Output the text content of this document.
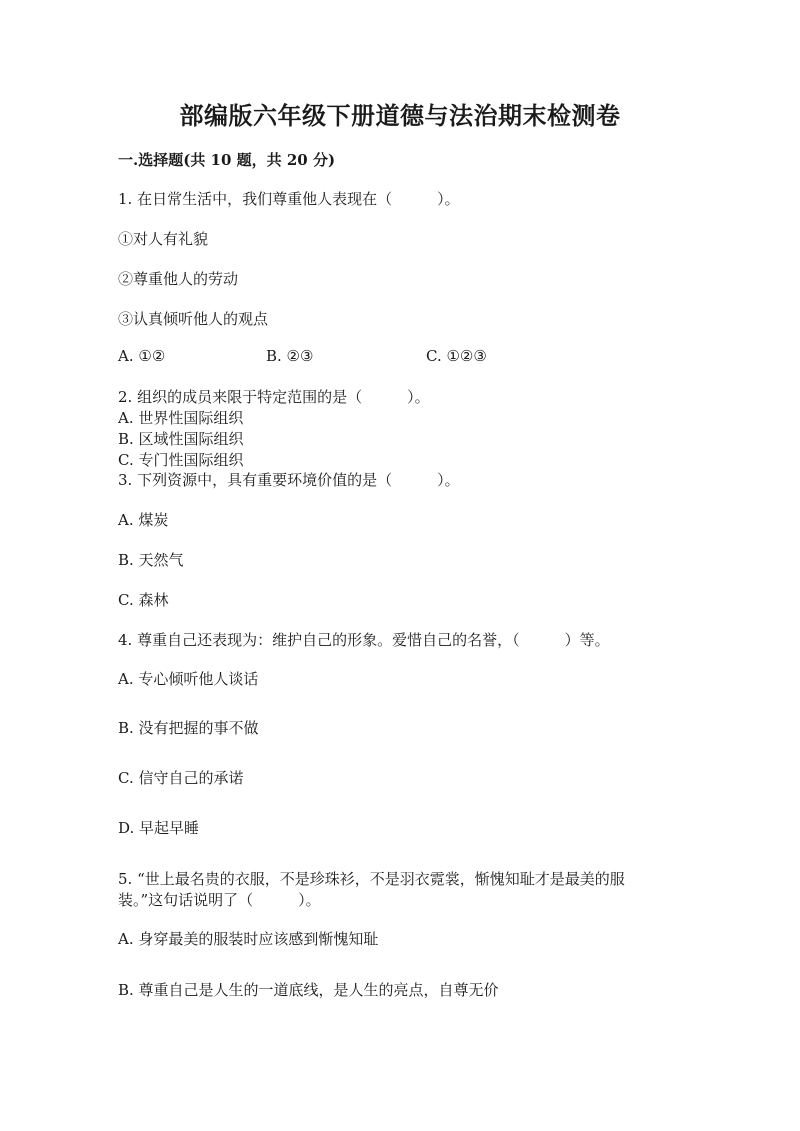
部编版六年级下册道德与法治期末检测卷
一.选择题(共 10 题，共 20 分)
1. 在日常生活中，我们尊重他人表现在（　　　）。
①对人有礼貌
②尊重他人的劳动
③认真倾听他人的观点
A. ①②	B. ②③	C. ①②③
2. 组织的成员来限于特定范围的是（　　　）。
A. 世界性国际组织
B. 区域性国际组织
C. 专门性国际组织
3. 下列资源中，具有重要环境价值的是（　　　）。
A. 煤炭
B. 天然气
C. 森林
4. 尊重自己还表现为：维护自己的形象。爱惜自己的名誉，（　　　）等。
A. 专心倾听他人谈话
B. 没有把握的事不做
C. 信守自己的承诺
D. 早起早睡
5. “世上最名贵的衣服，不是珍珠衫，不是羽衣霓裳，惭愧知耻才是最美的服
装。”这句话说明了（　　　）。
A. 身穿最美的服装时应该感到惭愧知耻
B. 尊重自己是人生的一道底线，是人生的亮点，自尊无价
